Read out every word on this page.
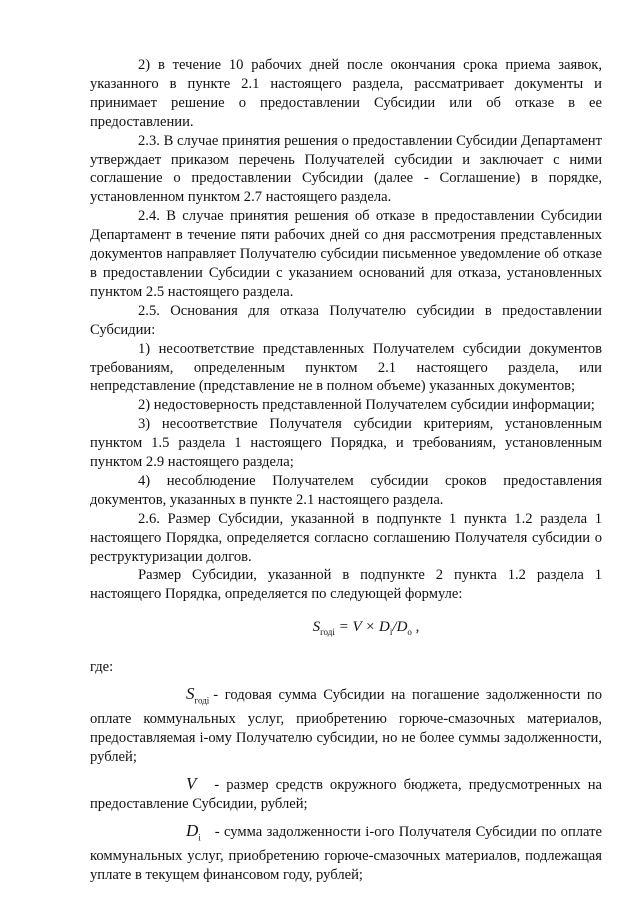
2) в течение 10 рабочих дней после окончания срока приема заявок, указанного в пункте 2.1 настоящего раздела, рассматривает документы и принимает решение о предоставлении Субсидии или об отказе в ее предоставлении.

2.3. В случае принятия решения о предоставлении Субсидии Департамент утверждает приказом перечень Получателей субсидии и заключает с ними соглашение о предоставлении Субсидии (далее - Соглашение) в порядке, установленном пунктом 2.7 настоящего раздела.

2.4. В случае принятия решения об отказе в предоставлении Субсидии Департамент в течение пяти рабочих дней со дня рассмотрения представленных документов направляет Получателю субсидии письменное уведомление об отказе в предоставлении Субсидии с указанием оснований для отказа, установленных пунктом 2.5 настоящего раздела.

2.5. Основания для отказа Получателю субсидии в предоставлении Субсидии:

1) несоответствие представленных Получателем субсидии документов требованиям, определенным пунктом 2.1 настоящего раздела, или непредставление (представление не в полном объеме) указанных документов;

2) недостоверность представленной Получателем субсидии информации;

3) несоответствие Получателя субсидии критериям, установленным пунктом 1.5 раздела 1 настоящего Порядка, и требованиям, установленным пунктом 2.9 настоящего раздела;

4) несоблюдение Получателем субсидии сроков предоставления документов, указанных в пункте 2.1 настоящего раздела.

2.6. Размер Субсидии, указанной в подпункте 1 пункта 1.2 раздела 1 настоящего Порядка, определяется согласно соглашению Получателя субсидии о реструктуризации долгов.

Размер Субсидии, указанной в подпункте 2 пункта 1.2 раздела 1 настоящего Порядка, определяется по следующей формуле:

$S_{годi} = V \times D_i/D_o$ ,

где:

$S_{годi}$ - годовая сумма Субсидии на погашение задолженности по оплате коммунальных услуг, приобретению горюче-смазочных материалов, предоставляемая i-ому Получателю субсидии, но не более суммы задолженности, рублей;

V - размер средств окружного бюджета, предусмотренных на предоставление Субсидии, рублей;

$D_i$ - сумма задолженности i-ого Получателя Субсидии по оплате коммунальных услуг, приобретению горюче-смазочных материалов, подлежащая уплате в текущем финансовом году, рублей;
